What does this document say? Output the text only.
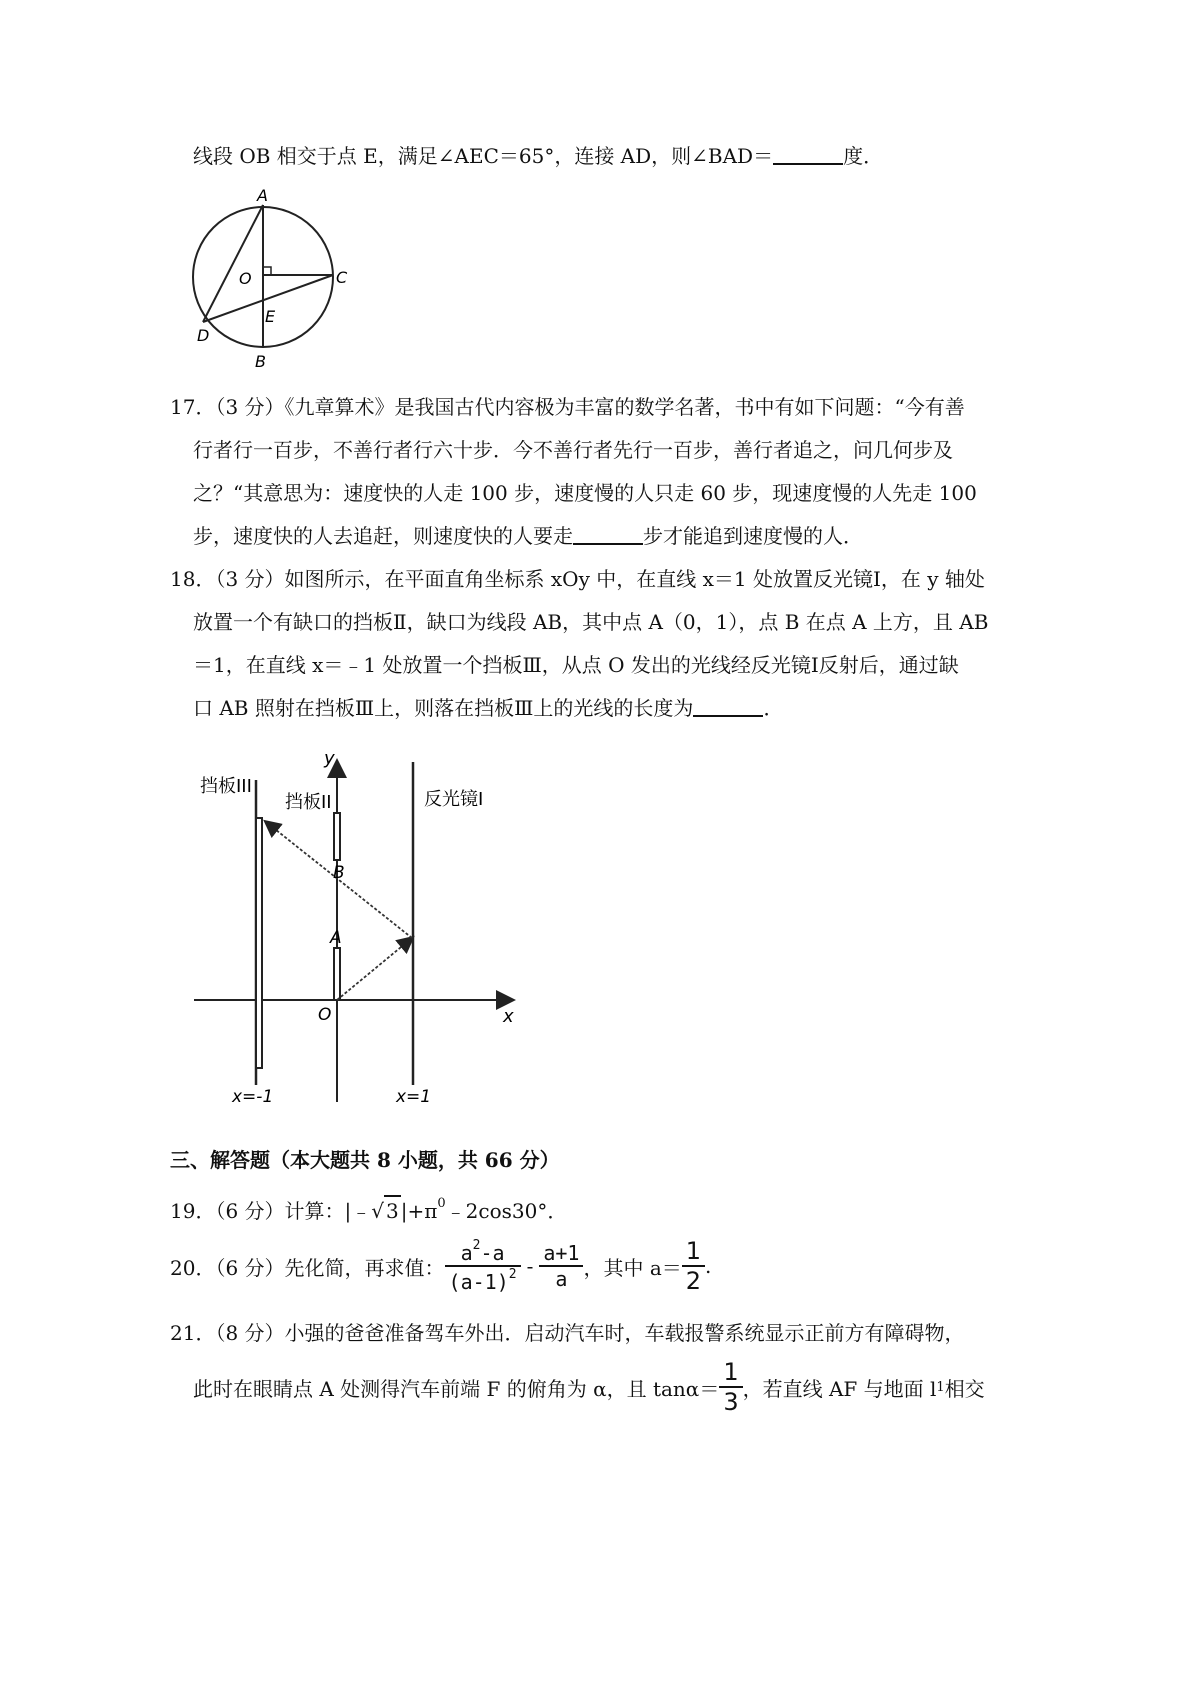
线段 OB 相交于点 E，满足∠AEC＝65°，连接 AD，则∠BAD＝	度．
A
O	C
E
D
B
17．（3 分）《九章算术》是我国古代内容极为丰富的数学名著，书中有如下问题：“今有善
行者行一百步，不善行者行六十步．今不善行者先行一百步，善行者追之，问几何步及
之？“其意思为：速度快的人走 100 步，速度慢的人只走 60 步，现速度慢的人先走 100
步，速度快的人去追赶，则速度快的人要走	步才能追到速度慢的人．
18．（3 分）如图所示，在平面直角坐标系 xOy 中，在直线 x＝1 处放置反光镜Ⅰ，在 y 轴处
放置一个有缺口的挡板Ⅱ，缺口为线段 AB，其中点 A（0，1），点 B 在点 A 上方，且 AB
＝1，在直线 x＝﹣1 处放置一个挡板Ⅲ，从点 O 发出的光线经反光镜Ⅰ反射后，通过缺
口 AB 照射在挡板Ⅲ上，则落在挡板Ⅲ上的光线的长度为	．
挡板III
挡板II	反光镜I
y
x
B
A
O
x=-1	x=1
三、解答题（本大题共 8 小题，共 66 分）
19．（6 分）计算：|﹣√ 3 $|+\pi^0﹣2\cos 30^\circ$．
20．（6 分）先化简，再求值： $\frac{a^2-a}{(a-1)^2} - \frac{a+1}{a}$ ，其中 $a= \frac{1}{2}$ .
21．（8 分）小强的爸爸准备驾车外出．启动汽车时，车载报警系统显示正前方有障碍物，
此时在眼睛点 A 处测得汽车前端 F 的俯角为 α，且 $\tan\alpha= \frac{1}{3}$ ，若直线 AF 与地面 l 1 相交
